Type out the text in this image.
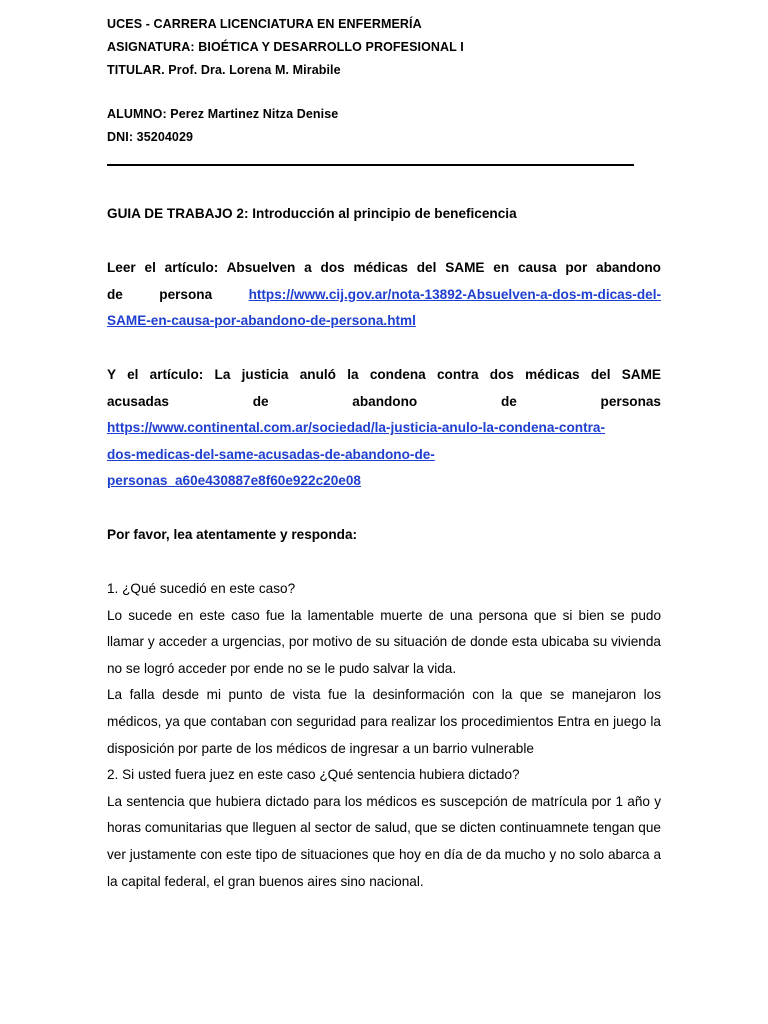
UCES - CARRERA LICENCIATURA EN ENFERMERÍA
ASIGNATURA: BIOÉTICA Y DESARROLLO PROFESIONAL I
TITULAR. Prof. Dra. Lorena M. Mirabile
ALUMNO: Perez Martinez Nitza Denise
DNI: 35204029
GUIA DE TRABAJO 2: Introducción al principio de beneficencia
Leer el artículo: Absuelven a dos médicas del SAME en causa por abandono
de persona	https://www.cij.gov.ar/nota-13892-Absuelven-a-dos-m-dicas-del-
SAME-en-causa-por-abandono-de-persona.html
Y el artículo: La justicia anuló la condena contra dos médicas del SAME
acusadas	de	abandono	de	personas
https://www.continental.com.ar/sociedad/la-justicia-anulo-la-condena-contra-
dos-medicas-del-same-acusadas-de-abandono-de-
personas_a60e430887e8f60e922c20e08
Por favor, lea atentamente y responda:
1. ¿Qué sucedió en este caso?

Lo sucede en este caso fue la lamentable muerte de una persona que si bien se pudo llamar y acceder a urgencias, por motivo de su situación de donde esta ubicaba su vivienda no se logró acceder por ende no se le pudo salvar la vida.

La falla desde mi punto de vista fue la desinformación con la que se manejaron los médicos, ya que contaban con seguridad para realizar los procedimientos Entra en juego la disposición por parte de los médicos de ingresar a un barrio vulnerable

2. Si usted fuera juez en este caso ¿Qué sentencia hubiera dictado?

La sentencia que hubiera dictado para los médicos es suscepción de matrícula por 1 año y horas comunitarias que lleguen al sector de salud, que se dicten continuamnete tengan que ver justamente con este tipo de situaciones que hoy en día de da mucho y no solo abarca a la capital federal, el gran buenos aires sino nacional.
